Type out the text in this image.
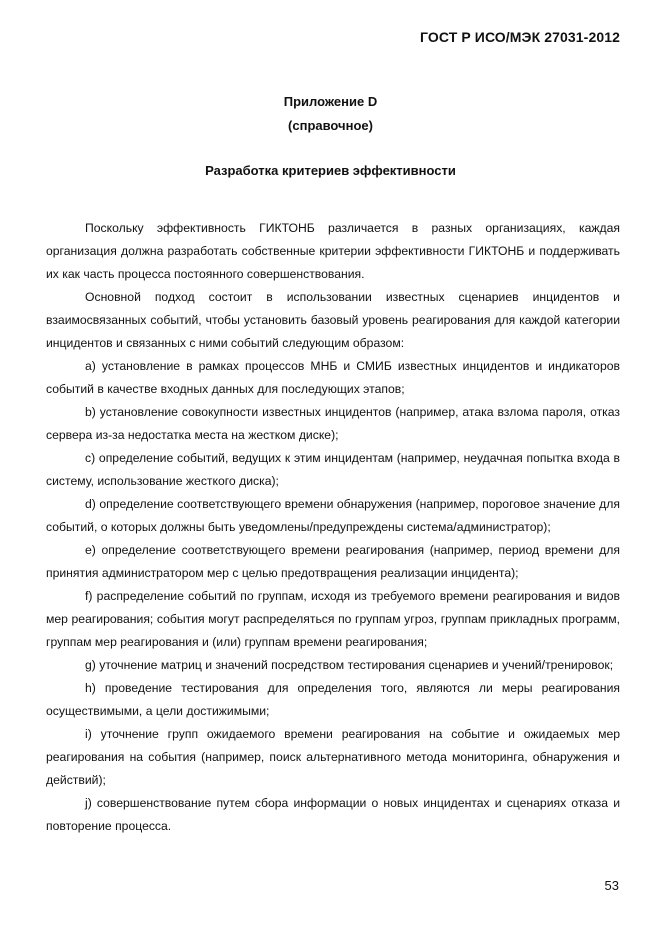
ГОСТ Р ИСО/МЭК 27031-2012
Приложение D
(справочное)
Разработка критериев эффективности

Поскольку эффективность ГИКТОНБ различается в разных организациях, каждая организация должна разработать собственные критерии эффективности ГИКТОНБ и поддерживать их как часть процесса постоянного совершенствования.

Основной подход состоит в использовании известных сценариев инцидентов и взаимосвязанных событий, чтобы установить базовый уровень реагирования для каждой категории инцидентов и связанных с ними событий следующим образом:

a) установление в рамках процессов МНБ и СМИБ известных инцидентов и индикаторов событий в качестве входных данных для последующих этапов;

b) установление совокупности известных инцидентов (например, атака взлома пароля, отказ сервера из-за недостатка места на жестком диске);

c) определение событий, ведущих к этим инцидентам (например, неудачная попытка входа в систему, использование жесткого диска);

d) определение соответствующего времени обнаружения (например, пороговое значение для событий, о которых должны быть уведомлены/предупреждены система/администратор);

e) определение соответствующего времени реагирования (например, период времени для принятия администратором мер с целью предотвращения реализации инцидента);

f) распределение событий по группам, исходя из требуемого времени реагирования и видов мер реагирования; события могут распределяться по группам угроз, группам прикладных программ, группам мер реагирования и (или) группам времени реагирования;

g) уточнение матриц и значений посредством тестирования сценариев и учений/тренировок;

h) проведение тестирования для определения того, являются ли меры реагирования осуществимыми, а цели достижимыми;

i) уточнение групп ожидаемого времени реагирования на событие и ожидаемых мер реагирования на события (например, поиск альтернативного метода мониторинга, обнаружения и действий);

j) совершенствование путем сбора информации о новых инцидентах и сценариях отказа и повторение процесса.

53
